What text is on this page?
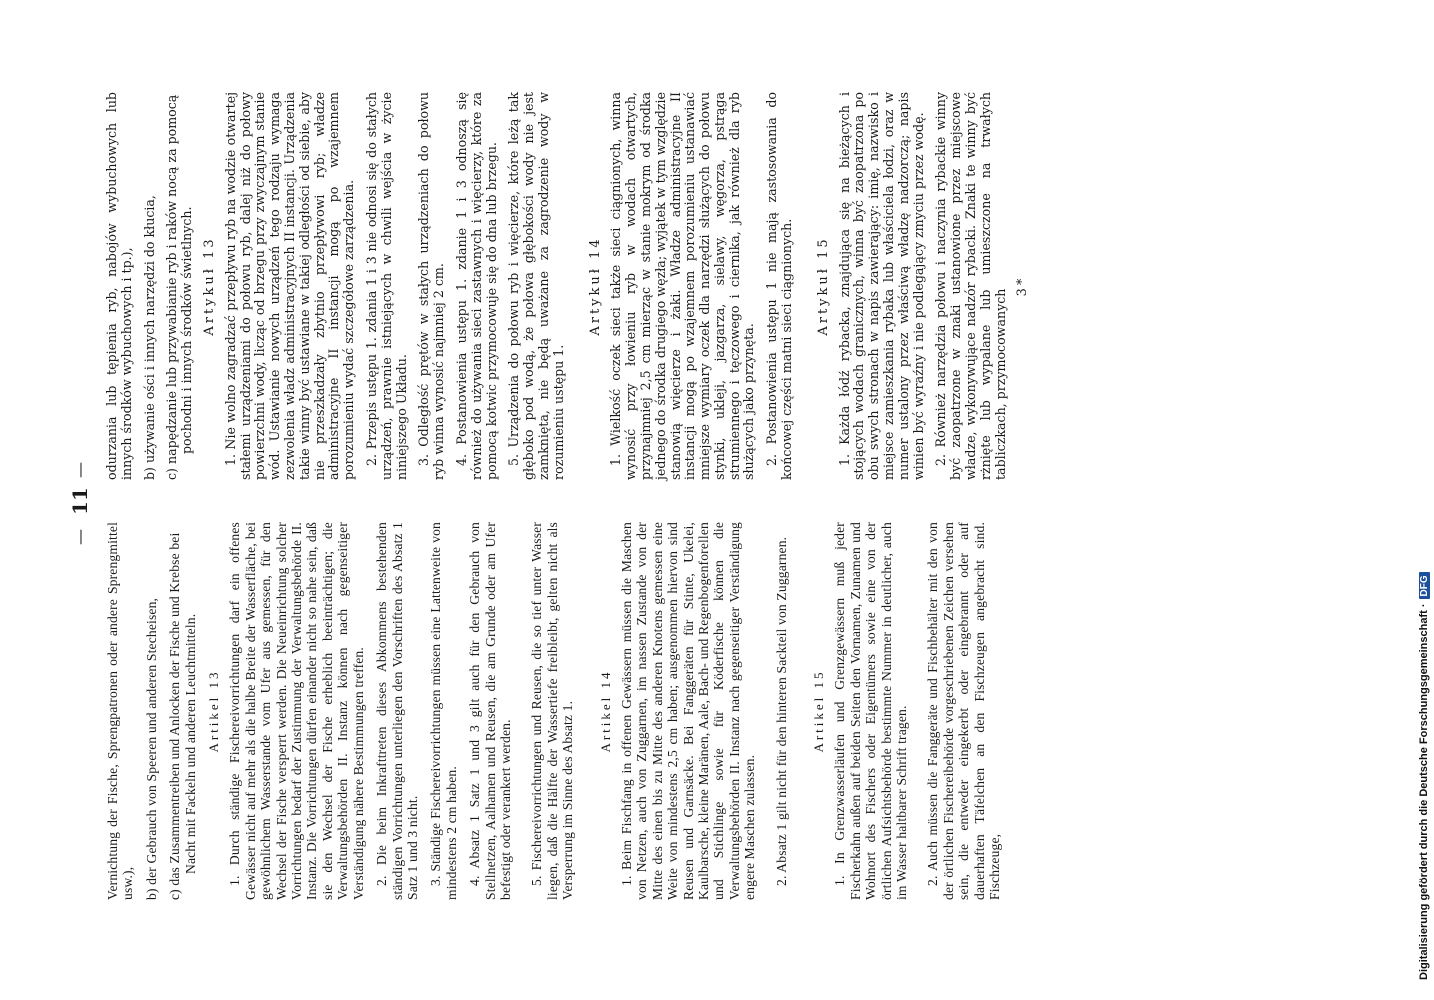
—
11
—

Vernichtung der Fische, Sprengpatronen oder andere Sprengmittel usw.), b) der Gebrauch von Speeren und anderen Stecheisen, c) das Zusammentreiben und Anlocken der Fische und Krebse bei Nacht mit Fackeln und anderen Leuchtmitteln. Artikel 13 1. Durch ständige Fischereivorrichtungen darf ein offenes Gewässer nicht auf mehr als die halbe Breite der Wasserfläche, bei gewöhnlichem Wasserstande vom Ufer aus gemessen, für den Wechsel der Fische versperrt werden. Die Neueinrichtung solcher Vorrichtungen bedarf der Zustimmung der Verwaltungsbehörde II. Instanz. Die Vorrichtungen dürfen einander nicht so nahe sein, daß sie den Wechsel der Fische erheblich beeinträchtigen; die Verwaltungsbehörden II. Instanz können nach gegenseitiger Verständigung nähere Bestimmungen treffen. 2. Die beim Inkrafttreten dieses Abkommens bestehenden ständigen Vorrichtungen unterliegen den Vorschriften des Absatz 1 Satz 1 und 3 nicht. 3. Ständige Fischereivorrichtungen müssen eine Lattenweite von mindestens 2 cm haben. 4. Absatz 1 Satz 1 und 3 gilt auch für den Gebrauch von Stellnetzen, Aalhamen und Reusen, die am Grunde oder am Ufer befestigt oder verankert werden. 5. Fischereivorrichtungen und Reusen, die so tief unter Wasser liegen, daß die Hälfte der Wassertiefe freibleibt, gelten nicht als Versperrung im Sinne des Absatz 1. Artikel 14 1. Beim Fischfang in offenen Gewässern müssen die Maschen von Netzen, auch von Zuggarnen, im nassen Zustande von der Mitte des einen bis zu Mitte des anderen Knotens gemessen eine Weite von mindestens 2,5 cm haben; ausgenommen hiervon sind Reusen und Garnsäcke. Bei Fanggeräten für Stinte, Ukelei, Kaulbarsche, kleine Maränen, Aale, Bach- und Regenbogenforellen und Stichlinge sowie für Köderfische können die Verwaltungsbehörden II. Instanz nach gegenseitiger Verständigung engere Maschen zulassen. 2. Absatz 1 gilt nicht für den hinteren Sackteil von Zuggarnen. Artikel 15 1. In Grenzwasserläufen und Grenzgewässern muß jeder Fischerkahn außen auf beiden Seiten den Vornamen, Zunamen und Wohnort des Fischers oder Eigentümers sowie eine von der örtlichen Aufsichtsbehörde bestimmte Nummer in deutlicher, auch im Wasser haltbarer Schrift tragen. 2. Auch müssen die Fanggeräte und Fischbehälter mit den von der örtlichen Fischereibehörde vorgeschriebenen Zeichen versehen sein, die entweder eingekerbt oder eingebrannt oder auf dauerhaften Täfelchen an den Fischzeugen angebracht sind. Fischzeuge,

odurzania lub tępienia ryb, nabojów wybuchowych lub innych środków wybuchowych i tp.), b) używanie ości i innych narzędzi do kłucia, c) napędzanie lub przywabianie ryb i raków nocą za pomocą pochodni i innych środków świetlnych. Artykuł 13 1. Nie wolno zagradzać przepływu ryb na wodzie otwartej stałemi urządzeniami do połowu ryb, dalej niż do połowy powierzchni wody, licząc od brzegu przy zwyczajnym stanie wód. Ustawianie nowych urządzeń tego rodzaju wymaga zezwolenia władz administracyjnych II instancji. Urządzenia takie winny być ustawiane w takiej odległości od siebie, aby nie przeszkadzały zbytnio przepływowi ryb; władze administracyjne II instancji mogą po wzajemnem porozumieniu wydać szczegółowe zarządzenia. 2. Przepis ustępu 1. zdania 1 i 3 nie odnosi się do stałych urządzeń, prawnie istniejących w chwili wejścia w życie niniejszego Układu. 3. Odległość prętów w stałych urządzeniach do połowu ryb winna wynosić najmniej 2 cm. 4. Postanowienia ustępu 1. zdanie 1 i 3 odnoszą się również do używania sieci zastawnych i więcierzy, które za pomocą kotwic przymocowuje się do dna lub brzegu. 5. Urządzenia do połowu ryb i więcierze, które leżą tak głęboko pod wodą, że połowa głębokości wody nie jest zamknięta, nie będą uważane za zagrodzenie wody w rozumieniu ustępu 1.

Artykuł 14 1. Wielkość oczek sieci także sieci ciągnionych, winna wynosić przy łowieniu ryb w wodach otwartych, przynajmniej 2,5 cm mierząc w stanie mokrym od środka jednego do środka drugiego węzła; wyjątek w tym względzie stanowią więcierze i żaki. Władze administracyjne II instancji mogą po wzajemnem porozumieniu ustanawiać mniejsze wymiary oczek dla narzędzi służących do połowu stynki, ukleji, jazgarza, sielawy, węgorza, pstrąga strumiennego i tęczowego i ciernika, jak również dla ryb służących jako przynęta. 2. Postanowienia ustępu 1 nie mają zastosowania do końcowej części matni sieci ciągnionych. Artykuł 15 1. Każda łódź rybacka, znajdująca się na bieżących i stojących wodach granicznych, winna być zaopatrzona po obu swych stronach w napis zawierający: imię, nazwisko i miejsce zamieszkania rybaka lub właściciela łodzi, oraz w numer ustalony przez właściwą władzę nadzorczą; napis winien być wyraźny i nie podlegający zmyciu przez wodę. 2. Również narzędzia połowu i naczynia rybackie winny być zaopatrzone w znaki ustanowione przez miejscowe władze, wykonywujące nadzór rybacki. Znaki te winny być rżnięte lub wypalane lub umieszczone na trwałych tabliczkach, przymocowanych

3*
Digitalisierung gefördert durch die Deutsche Forschungsgemeinschaft ·DFG
